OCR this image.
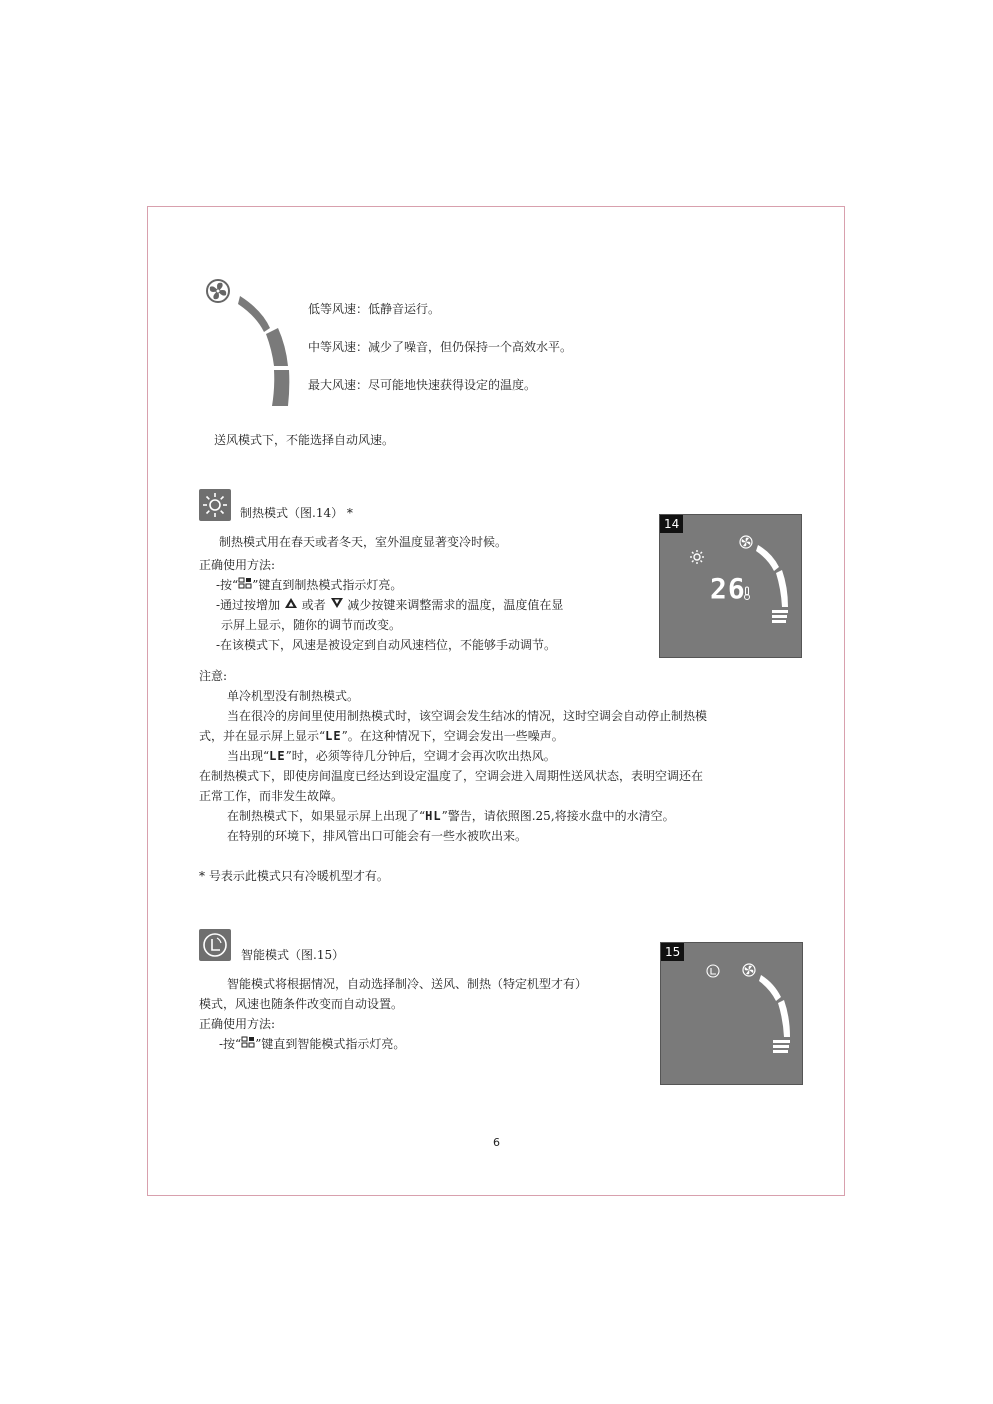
低等风速：低静音运行。
中等风速：减少了噪音，但仍保持一个高效水平。
最大风速：尽可能地快速获得设定的温度。
送风模式下，不能选择自动风速。
制热模式（图.14） *
制热模式用在春天或者冬天，室外温度显著变冷时候。
正确使用方法:
-按“ ”键直到制热模式指示灯亮。
-通过按增加 或者 减少按键来调整需求的温度，温度值在显
示屏上显示，随你的调节而改变。
-在该模式下，风速是被设定到自动风速档位，不能够手动调节。
14
26
注意:
单冷机型没有制热模式。
当在很冷的房间里使用制热模式时，该空调会发生结冰的情况，这时空调会自动停止制热模
式，并在显示屏上显示“LE”。在这种情况下，空调会发出一些噪声。
当出现“LE”时，必须等待几分钟后，空调才会再次吹出热风。
在制热模式下，即使房间温度已经达到设定温度了，空调会进入周期性送风状态，表明空调还在
正常工作，而非发生故障。
在制热模式下，如果显示屏上出现了“HL”警告，请依照图.25,将接水盘中的水清空。
在特别的环境下，排风管出口可能会有一些水被吹出来。
* 号表示此模式只有冷暖机型才有。
智能模式（图.15）
智能模式将根据情况，自动选择制冷、送风、制热（特定机型才有）
模式，风速也随条件改变而自动设置。
正确使用方法:
-按“ ”键直到智能模式指示灯亮。
15
6
